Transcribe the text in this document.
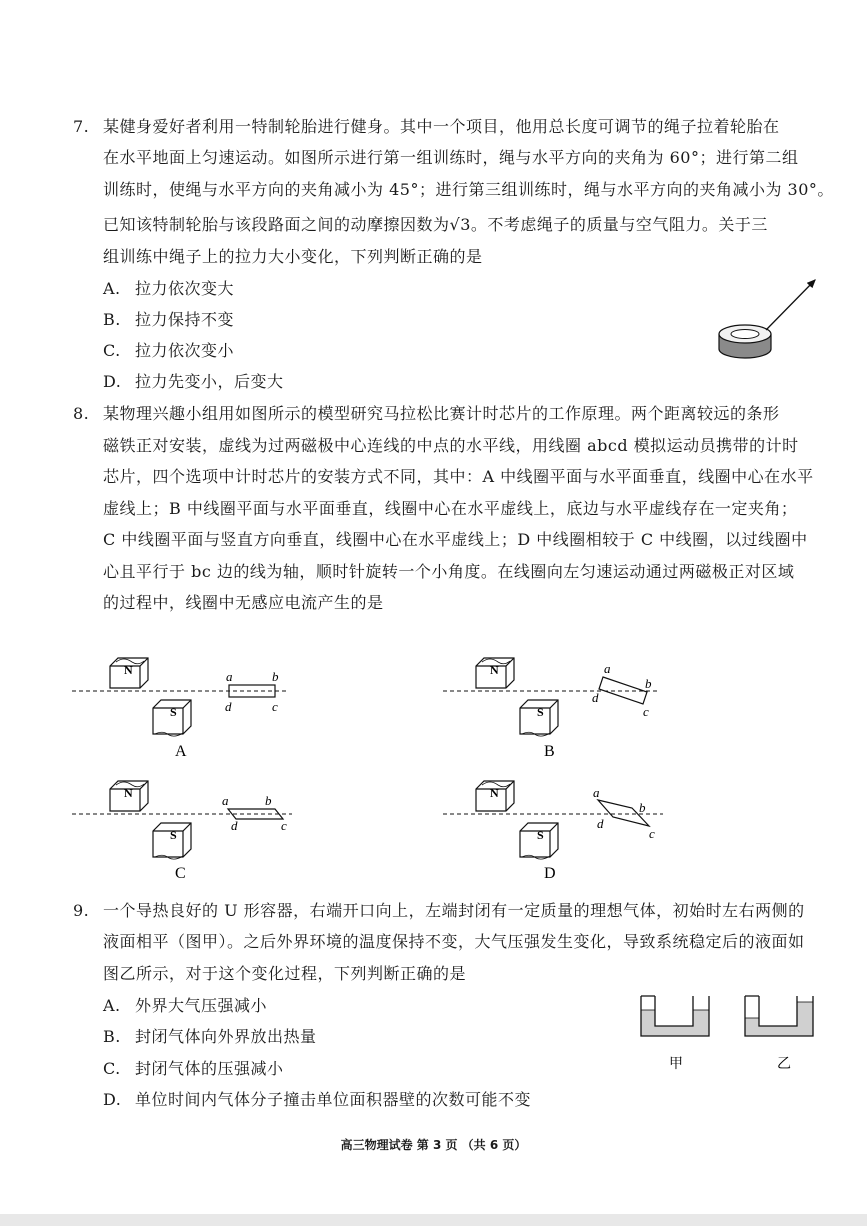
7. 某健身爱好者利用一特制轮胎进行健身。其中一个项目，他用总长度可调节的绳子拉着轮胎在
在水平地面上匀速运动。如图所示进行第一组训练时，绳与水平方向的夹角为 60°；进行第二组
训练时，使绳与水平方向的夹角减小为 45°；进行第三组训练时，绳与水平方向的夹角减小为 30°。
已知该特制轮胎与该段路面之间的动摩擦因数为√3。不考虑绳子的质量与空气阻力。关于三
组训练中绳子上的拉力大小变化，下列判断正确的是
A. 拉力依次变大
B. 拉力保持不变
C. 拉力依次变小
D. 拉力先变小，后变大
8. 某物理兴趣小组用如图所示的模型研究马拉松比赛计时芯片的工作原理。两个距离较远的条形
磁铁正对安装，虚线为过两磁极中心连线的中点的水平线，用线圈 abcd 模拟运动员携带的计时
芯片，四个选项中计时芯片的安装方式不同，其中：A 中线圈平面与水平面垂直，线圈中心在水平
虚线上；B 中线圈平面与水平面垂直，线圈中心在水平虚线上，底边与水平虚线存在一定夹角；
C 中线圈平面与竖直方向垂直，线圈中心在水平虚线上；D 中线圈相较于 C 中线圈，以过线圈中
心且平行于 bc 边的线为轴，顺时针旋转一个小角度。在线圈向左匀速运动通过两磁极正对区域
的过程中，线圈中无感应电流产生的是
N
S
a	b
c
d
N
S
a
b
c
d
A	B
N
S
a	b
c
d
N
S
a
b
c
d
C	D
9. 一个导热良好的 U 形容器，右端开口向上，左端封闭有一定质量的理想气体，初始时左右两侧的
液面相平（图甲）。之后外界环境的温度保持不变，大气压强发生变化，导致系统稳定后的液面如
图乙所示，对于这个变化过程，下列判断正确的是
A. 外界大气压强减小
B. 封闭气体向外界放出热量
C. 封闭气体的压强减小
D. 单位时间内气体分子撞击单位面积器壁的次数可能不变
甲	乙
高三物理试卷 第 3 页 （共 6 页）
